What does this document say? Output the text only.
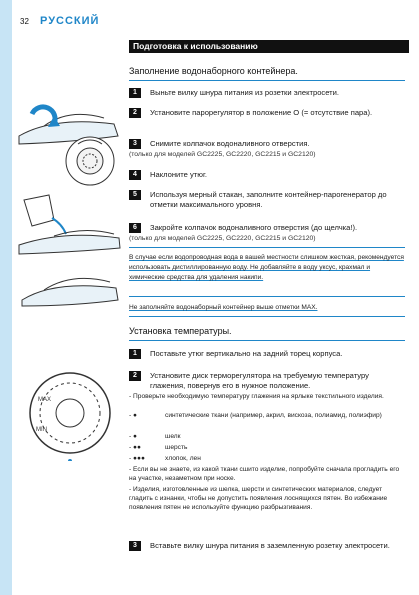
32 РУССКИЙ
MAX
MIN
Подготовка к использованию
Заполнение водонаборного контейнера.
1	Выньте вилку шнура питания из розетки электросети.
2	Установите парорегулятор в положение O (= отсутствие пара).
3	Снимите колпачок водоналивного отверстия.
(только для моделей GC2225, GC2220, GC2215 и GC2120)
4	Наклоните утюг.
5	Используя мерный стакан, заполните контейнер-парогенератор до отметки максимального уровня.
6	Закройте колпачок водоналивного отверстия (до щелчка!).
(только для моделей GC2225, GC2220, GC2215 и GC2120)
В случае если водопроводная вода в вашей местности слишком жесткая, рекомендуется использовать дистиллированную воду. Не добавляйте в воду уксус, крахмал и химические средства для удаления накипи.
Не заполняйте водонаборный контейнер выше отметки MAX.
Установка температуры.
1	Поставьте утюг вертикально на задний торец корпуса.
2	Установите диск терморегулятора на требуемую температуру глажения, повернув его в нужное положение.
- Проверьте необходимую температуру глажения на ярлыке текстильного изделия.
- ●	синтетические ткани (например, акрил, вискоза, полиамид, полиэфир)
- ●	шелк
- ●●	шерсть
- ●●●	хлопок, лен
- Если вы не знаете, из какой ткани сшито изделие, попробуйте сначала прогладить его на участке, незаметном при носке.
- Изделия, изготовленные из шелка, шерсти и синтетических материалов, следует гладить с изнанки, чтобы не допустить появления лоснящихся пятен. Во избежание появления пятен не используйте функцию разбрызгивания.
3	Вставьте вилку шнура питания в заземленную розетку электросети.
